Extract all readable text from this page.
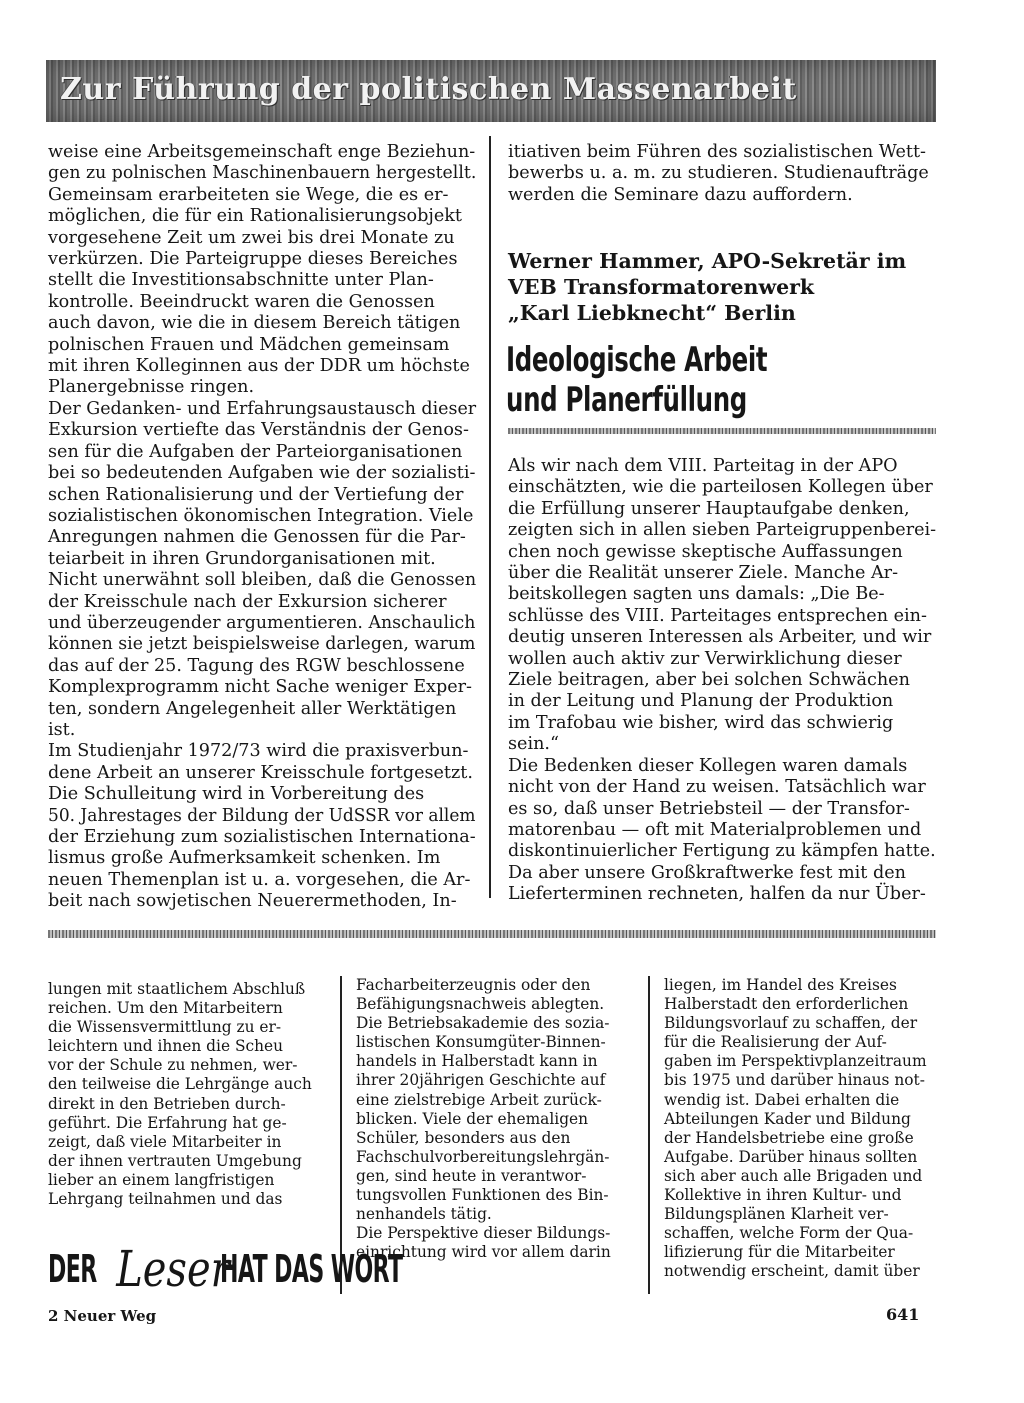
Zur Führung der politischen Massenarbeit

weise eine Arbeitsgemeinschaft enge Beziehun-
gen zu polnischen Maschinenbauern hergestellt.
Gemeinsam erarbeiteten sie Wege, die es er-
möglichen, die für ein Rationalisierungsobjekt
vorgesehene Zeit um zwei bis drei Monate zu
verkürzen. Die Parteigruppe dieses Bereiches
stellt die Investitionsabschnitte unter Plan-
kontrolle. Beeindruckt waren die Genossen
auch davon, wie die in diesem Bereich tätigen
polnischen Frauen und Mädchen gemeinsam
mit ihren Kolleginnen aus der DDR um höchste
Planergebnisse ringen.
Der Gedanken- und Erfahrungsaustausch dieser
Exkursion vertiefte das Verständnis der Genos-
sen für die Aufgaben der Parteiorganisationen
bei so bedeutenden Aufgaben wie der sozialisti-
schen Rationalisierung und der Vertiefung der
sozialistischen ökonomischen Integration. Viele
Anregungen nahmen die Genossen für die Par-
teiarbeit in ihren Grundorganisationen mit.
Nicht unerwähnt soll bleiben, daß die Genossen
der Kreisschule nach der Exkursion sicherer
und überzeugender argumentieren. Anschaulich
können sie jetzt beispielsweise darlegen, warum
das auf der 25. Tagung des RGW beschlossene
Komplexprogramm nicht Sache weniger Exper-
ten, sondern Angelegenheit aller Werktätigen
ist.
Im Studienjahr 1972/73 wird die praxisverbun-
dene Arbeit an unserer Kreisschule fortgesetzt.
Die Schulleitung wird in Vorbereitung des
50. Jahrestages der Bildung der UdSSR vor allem
der Erziehung zum sozialistischen Internationa-
lismus große Aufmerksamkeit schenken. Im
neuen Themenplan ist u. a. vorgesehen, die Ar-
beit nach sowjetischen Neuerermethoden, In-

itiativen beim Führen des sozialistischen Wett-
bewerbs u. a. m. zu studieren. Studienaufträge
werden die Seminare dazu auffordern.

Werner Hammer, APO-Sekretär im
VEB Transformatorenwerk
„Karl Liebknecht“ Berlin
Ideologische Arbeit
und Planerfüllung

Als wir nach dem VIII. Parteitag in der APO
einschätzten, wie die parteilosen Kollegen über
die Erfüllung unserer Hauptaufgabe denken,
zeigten sich in allen sieben Parteigruppenberei-
chen noch gewisse skeptische Auffassungen
über die Realität unserer Ziele. Manche Ar-
beitskollegen sagten uns damals: „Die Be-
schlüsse des VIII. Parteitages entsprechen ein-
deutig unseren Interessen als Arbeiter, und wir
wollen auch aktiv zur Verwirklichung dieser
Ziele beitragen, aber bei solchen Schwächen
in der Leitung und Planung der Produktion
im Trafobau wie bisher, wird das schwierig
sein.“
Die Bedenken dieser Kollegen waren damals
nicht von der Hand zu weisen. Tatsächlich war
es so, daß unser Betriebsteil — der Transfor-
matorenbau — oft mit Materialproblemen und
diskontinuierlicher Fertigung zu kämpfen hatte.
Da aber unsere Großkraftwerke fest mit den
Lieferterminen rechneten, halfen da nur Über-

lungen mit staatlichem Abschluß
reichen. Um den Mitarbeitern
die Wissensvermittlung zu er-
leichtern und ihnen die Scheu
vor der Schule zu nehmen, wer-
den teilweise die Lehrgänge auch
direkt in den Betrieben durch-
geführt. Die Erfahrung hat ge-
zeigt, daß viele Mitarbeiter in
der ihnen vertrauten Umgebung
lieber an einem langfristigen
Lehrgang teilnahmen und das

Facharbeiterzeugnis oder den
Befähigungsnachweis ablegten.
Die Betriebsakademie des sozia-
listischen Konsumgüter-Binnen-
handels in Halberstadt kann in
ihrer 20jährigen Geschichte auf
eine zielstrebige Arbeit zurück-
blicken. Viele der ehemaligen
Schüler, besonders aus den
Fachschulvorbereitungslehrgän-
gen, sind heute in verantwor-
tungsvollen Funktionen des Bin-
nenhandels tätig.
Die Perspektive dieser Bildungs-
einrichtung wird vor allem darin

liegen, im Handel des Kreises
Halberstadt den erforderlichen
Bildungsvorlauf zu schaffen, der
für die Realisierung der Auf-
gaben im Perspektivplanzeitraum
bis 1975 und darüber hinaus not-
wendig ist. Dabei erhalten die
Abteilungen Kader und Bildung
der Handelsbetriebe eine große
Aufgabe. Darüber hinaus sollten
sich aber auch alle Brigaden und
Kollektive in ihren Kultur- und
Bildungsplänen Klarheit ver-
schaffen, welche Form der Qua-
lifizierung für die Mitarbeiter
notwendig erscheint, damit über

DER Leser
HAT DAS WORT

2 Neuer Weg	641
